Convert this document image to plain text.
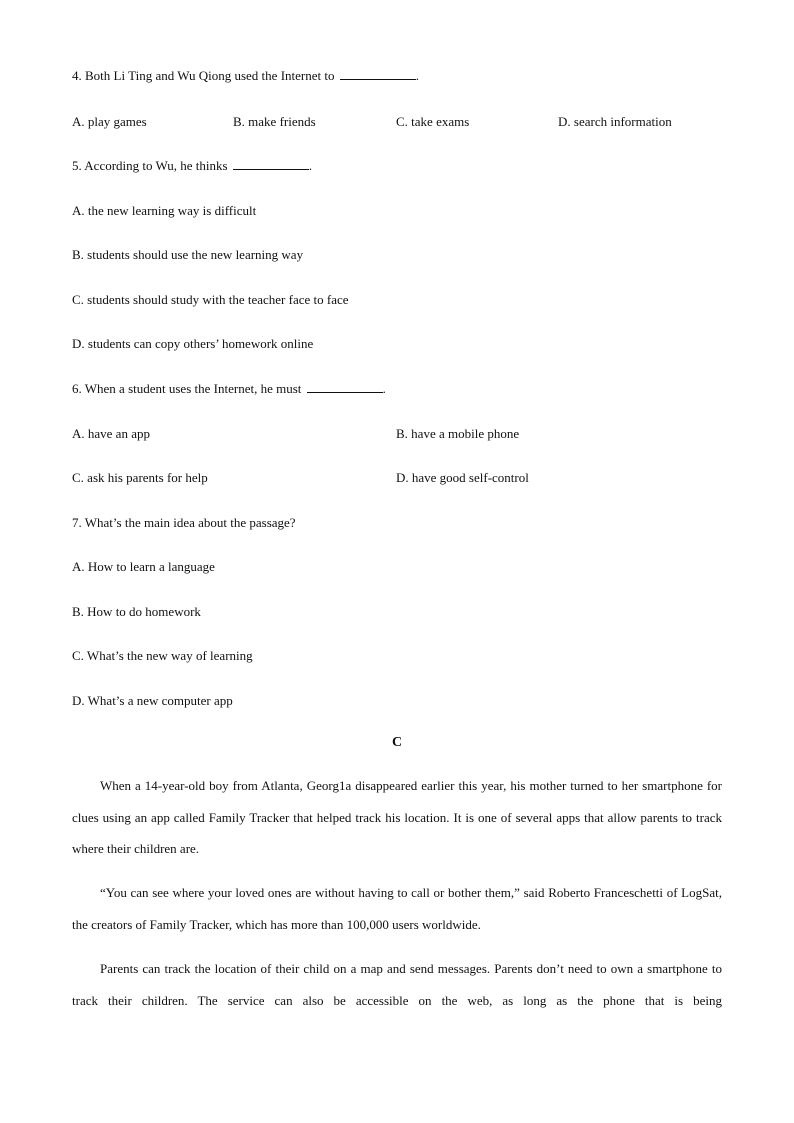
4. Both Li Ting and Wu Qiong used the Internet to	.
A. play games	B. make friends	C. take exams	D. search information
5. According to Wu, he thinks	.
A. the new learning way is difficult
B. students should use the new learning way
C. students should study with the teacher face to face
D. students can copy others’ homework online
6. When a student uses the Internet, he must	.
A. have an app	B. have a mobile phone
C. ask his parents for help	D. have good self-control
7. What’s the main idea about the passage?
A. How to learn a language
B. How to do homework
C. What’s the new way of learning
D. What’s a new computer app
C
When a 14-year-old boy from Atlanta, Georg1a disappeared earlier this year, his mother turned to her smartphone for clues using an app called Family Tracker that helped track his location. It is one of several apps that allow parents to track where their children are.
“You can see where your loved ones are without having to call or bother them,” said Roberto Franceschetti of LogSat, the creators of Family Tracker, which has more than 100,000 users worldwide.
Parents can track the location of their child on a map and send messages. Parents don’t need to own a smartphone to track their children. The service can also be accessible on the web, as long as the phone that is being
